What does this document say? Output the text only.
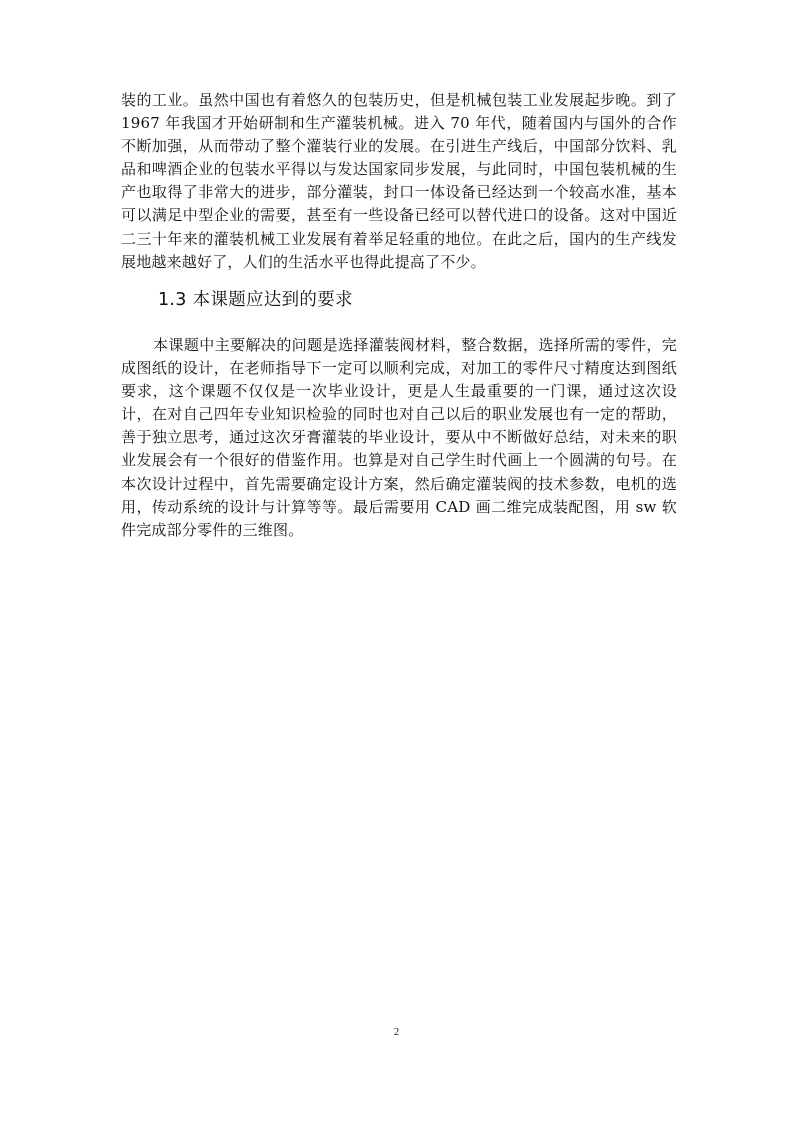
装的工业。虽然中国也有着悠久的包装历史，但是机械包装工业发展起步晚。到了 1967 年我国才开始研制和生产灌装机械。进入 70 年代，随着国内与国外的合作不断加强，从而带动了整个灌装行业的发展。在引进生产线后，中国部分饮料、乳品和啤酒企业的包装水平得以与发达国家同步发展，与此同时，中国包装机械的生产也取得了非常大的进步，部分灌装，封口一体设备已经达到一个较高水准，基本可以满足中型企业的需要，甚至有一些设备已经可以替代进口的设备。这对中国近二三十年来的灌装机械工业发展有着举足轻重的地位。在此之后，国内的生产线发展地越来越好了，人们的生活水平也得此提高了不少。

1.3 本课题应达到的要求

本课题中主要解决的问题是选择灌装阀材料，整合数据，选择所需的零件，完成图纸的设计，在老师指导下一定可以顺利完成，对加工的零件尺寸精度达到图纸要求，这个课题不仅仅是一次毕业设计，更是人生最重要的一门课，通过这次设计，在对自己四年专业知识检验的同时也对自己以后的职业发展也有一定的帮助，善于独立思考，通过这次牙膏灌装的毕业设计，要从中不断做好总结，对未来的职业发展会有一个很好的借鉴作用。也算是对自己学生时代画上一个圆满的句号。在本次设计过程中，首先需要确定设计方案，然后确定灌装阀的技术参数，电机的选用，传动系统的设计与计算等等。最后需要用 CAD 画二维完成装配图，用 sw 软件完成部分零件的三维图。

2
